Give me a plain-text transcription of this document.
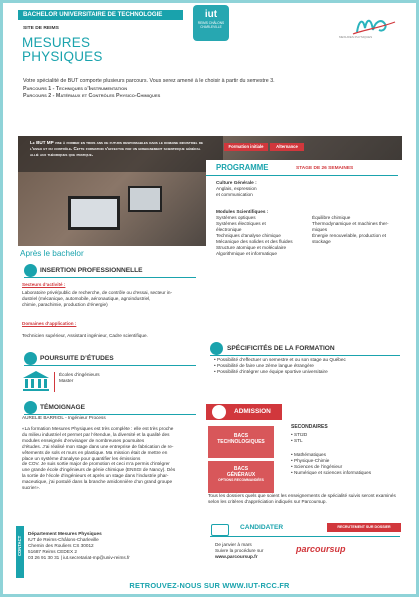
BACHELOR UNIVERSITAIRE DE TECHNOLOGIE
SITE DE REIMS
MESURES
PHYSIQUES
iut
REIMS CHÂLONS CHARLEVILLE
MESURES PHYSIQUES
Votre spécialité de BUT comporte plusieurs parcours. Vous serez amené à le choisir à partir du semestre 3.
Parcours 1 - Techniques d’Instrumentation
Parcours 2 - Matériaux et Contrôles Physico-Chimiques
Le BUT MP vise à former en trois ans de futurs responsables dans le domaine industriel de l’essai et du contrôle. Cette formation s’effectue par un enseignement scientifique général allié aux théoriques que pratique.
Formation initiale	Alternance
PROGRAMME	STAGE DE 26 SEMAINES
Culture Générale :
Anglais, expression
et communication
Modules Scientifiques :
Systèmes optiques
Systèmes électriques et
électronique
Techniques d’analyse chimique
Mécanique des solides et des fluides
Structure atomique et moléculaire
Algorithmique et informatique
Équilibre chimique
Thermodynamique et machines ther-
miques
Énergie renouvelable, production et
stockage
Après le bachelor
INSERTION PROFESSIONNELLE
Secteurs d’activité :
Laboratoire privé/public de recherche, de contrôle ou d’essai, secteur in-
dustriel (mécanique, automobile, aéronautique, agroindustriel,
chimie, parachimie, production d’énergie)
Domaines d’application :
Technicien supérieur, Assistant ingénieur, Cadre scientifique.
POURSUITE D’ÉTUDES
Écoles d’ingénieurs
Master
TÉMOIGNAGE
AURELIE BARRIOL - Ingénieur Process
«La formation Mesures Physiques est très complète : elle est très proche
du milieu industriel et permet par l’étendue, la diversité et la qualité des
modules enseignés d’envisager de nombreuses poursuites
d’études. J’ai réalisé mon stage dans une entreprise de fabrication de re-
vêtements de sols et murs en plastique. Ma mission était de mettre en
place un système d’analyse pour quantifier les émissions
de COV. Je suis sortie major de promotion et ceci m’a permis d’intégrer
une grande école d’ingénieurs de génie chimique (ENSGI de Nancy). Dès
la sortie de l’école d’ingénieurs et après un stage dans l’industrie phar-
maceutique, j’ai postulé dans la branche amidonnière d’un grand groupe
sucrier».
SPÉCIFICITÉS DE LA FORMATION
• Possibilité d’effectuer un semestre et ou son stage au Québec
• Possibilité de faire une 2ème langue étrangère
• Possibilité d’intégrer une équipe sportive universitaire
ADMISSION
BACS
TECHNOLOGIQUES
BACS
GÉNÉRAUX
OPTIONS RECOMMANDÉES
SECONDAIRES
• STI2D
• STL
• Mathématiques
• Physique-Chimie
• Sciences de l’ingénieur
• Numérique et sciences informatiques
Tous les dossiers quels que soient les enseignements de spécialité suivis seront examinés selon les critères d’appréciation indiqués sur Parcoursup.
CANDIDATER	RECRUTEMENT SUR DOSSIER
De janvier à mars
Suivre la procédure sur
www.parcoursup.fr
parcoursup
CONTACT
Département Mesures Physiques
IUT de Reims-Châlons-Charleville
Chemin des Rouliers CS 30012
51687 Reims CEDEX 2
03 26 91 30 31 | iut.secretariat-mp@univ-reims.fr
RETROUVEZ-NOUS SUR WWW.IUT-RCC.FR
